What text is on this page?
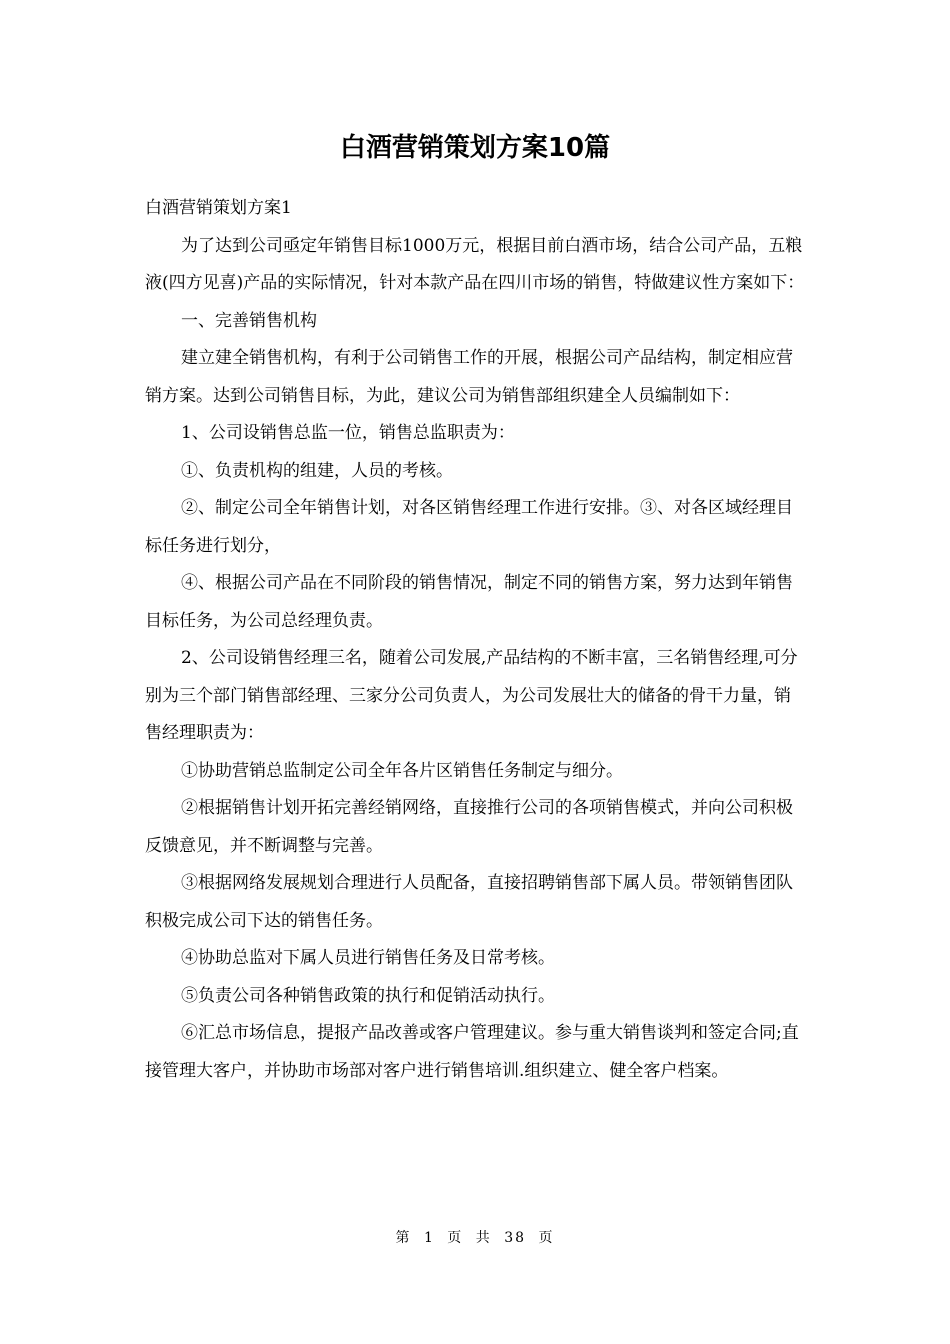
白酒营销策划方案10篇

白酒营销策划方案1

为了达到公司亟定年销售目标1000万元，根据目前白酒市场，结合公司产品，五粮液(四方见喜)产品的实际情况，针对本款产品在四川市场的销售，特做建议性方案如下：

一、完善销售机构

建立建全销售机构，有利于公司销售工作的开展，根据公司产品结构，制定相应营销方案。达到公司销售目标，为此，建议公司为销售部组织建全人员编制如下：

1、公司设销售总监一位，销售总监职责为：

①、负责机构的组建，人员的考核。

②、制定公司全年销售计划，对各区销售经理工作进行安排。③、对各区域经理目标任务进行划分，

④、根据公司产品在不同阶段的销售情况，制定不同的销售方案，努力达到年销售目标任务，为公司总经理负责。

2、公司设销售经理三名，随着公司发展,产品结构的不断丰富，三名销售经理,可分别为三个部门销售部经理、三家分公司负责人，为公司发展壮大的储备的骨干力量，销售经理职责为：

①协助营销总监制定公司全年各片区销售任务制定与细分。

②根据销售计划开拓完善经销网络，直接推行公司的各项销售模式，并向公司积极反馈意见，并不断调整与完善。

③根据网络发展规划合理进行人员配备，直接招聘销售部下属人员。带领销售团队积极完成公司下达的销售任务。

④协助总监对下属人员进行销售任务及日常考核。

⑤负责公司各种销售政策的执行和促销活动执行。

⑥汇总市场信息，提报产品改善或客户管理建议。参与重大销售谈判和签定合同;直接管理大客户，并协助市场部对客户进行销售培训.组织建立、健全客户档案。

第 1 页 共 38 页
